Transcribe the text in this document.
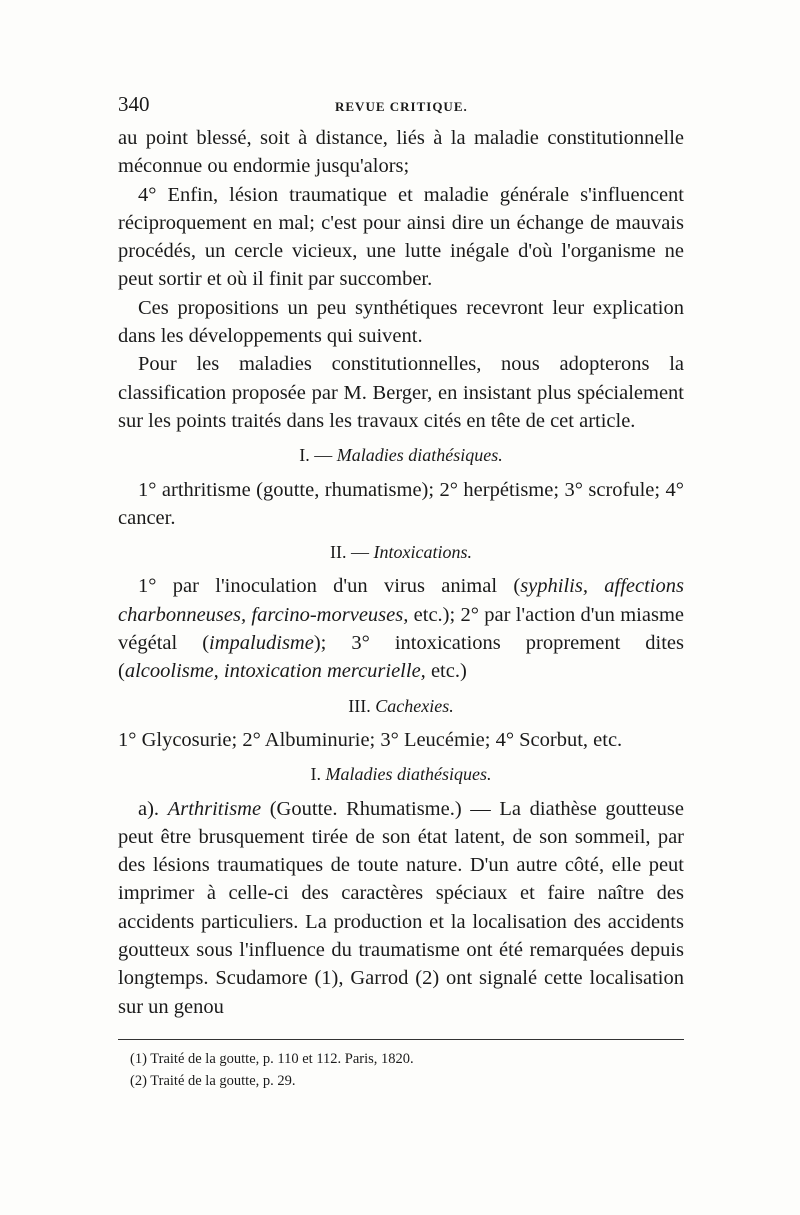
340	REVUE CRITIQUE.

au point blessé, soit à distance, liés à la maladie constitutionnelle méconnue ou endormie jusqu'alors;

4° Enfin, lésion traumatique et maladie générale s'influencent réciproquement en mal; c'est pour ainsi dire un échange de mauvais procédés, un cercle vicieux, une lutte inégale d'où l'organisme ne peut sortir et où il finit par succomber.

Ces propositions un peu synthétiques recevront leur explication dans les développements qui suivent.

Pour les maladies constitutionnelles, nous adopterons la classification proposée par M. Berger, en insistant plus spécialement sur les points traités dans les travaux cités en tête de cet article.

I. — Maladies diathésiques.

1° arthritisme (goutte, rhumatisme); 2° herpétisme; 3° scrofule; 4° cancer.

II. — Intoxications.

1° par l'inoculation d'un virus animal (syphilis, affections charbonneuses, farcino-morveuses, etc.); 2° par l'action d'un miasme végétal (impaludisme); 3° intoxications proprement dites (alcoolisme, intoxication mercurielle, etc.)

III. Cachexies.

1° Glycosurie; 2° Albuminurie; 3° Leucémie; 4° Scorbut, etc.

I. Maladies diathésiques.

a). Arthritisme (Goutte. Rhumatisme.) — La diathèse goutteuse peut être brusquement tirée de son état latent, de son sommeil, par des lésions traumatiques de toute nature. D'un autre côté, elle peut imprimer à celle-ci des caractères spéciaux et faire naître des accidents particuliers. La production et la localisation des accidents goutteux sous l'influence du traumatisme ont été remarquées depuis longtemps. Scudamore (1), Garrod (2) ont signalé cette localisation sur un genou

(1) Traité de la goutte, p. 110 et 112. Paris, 1820.
(2) Traité de la goutte, p. 29.
